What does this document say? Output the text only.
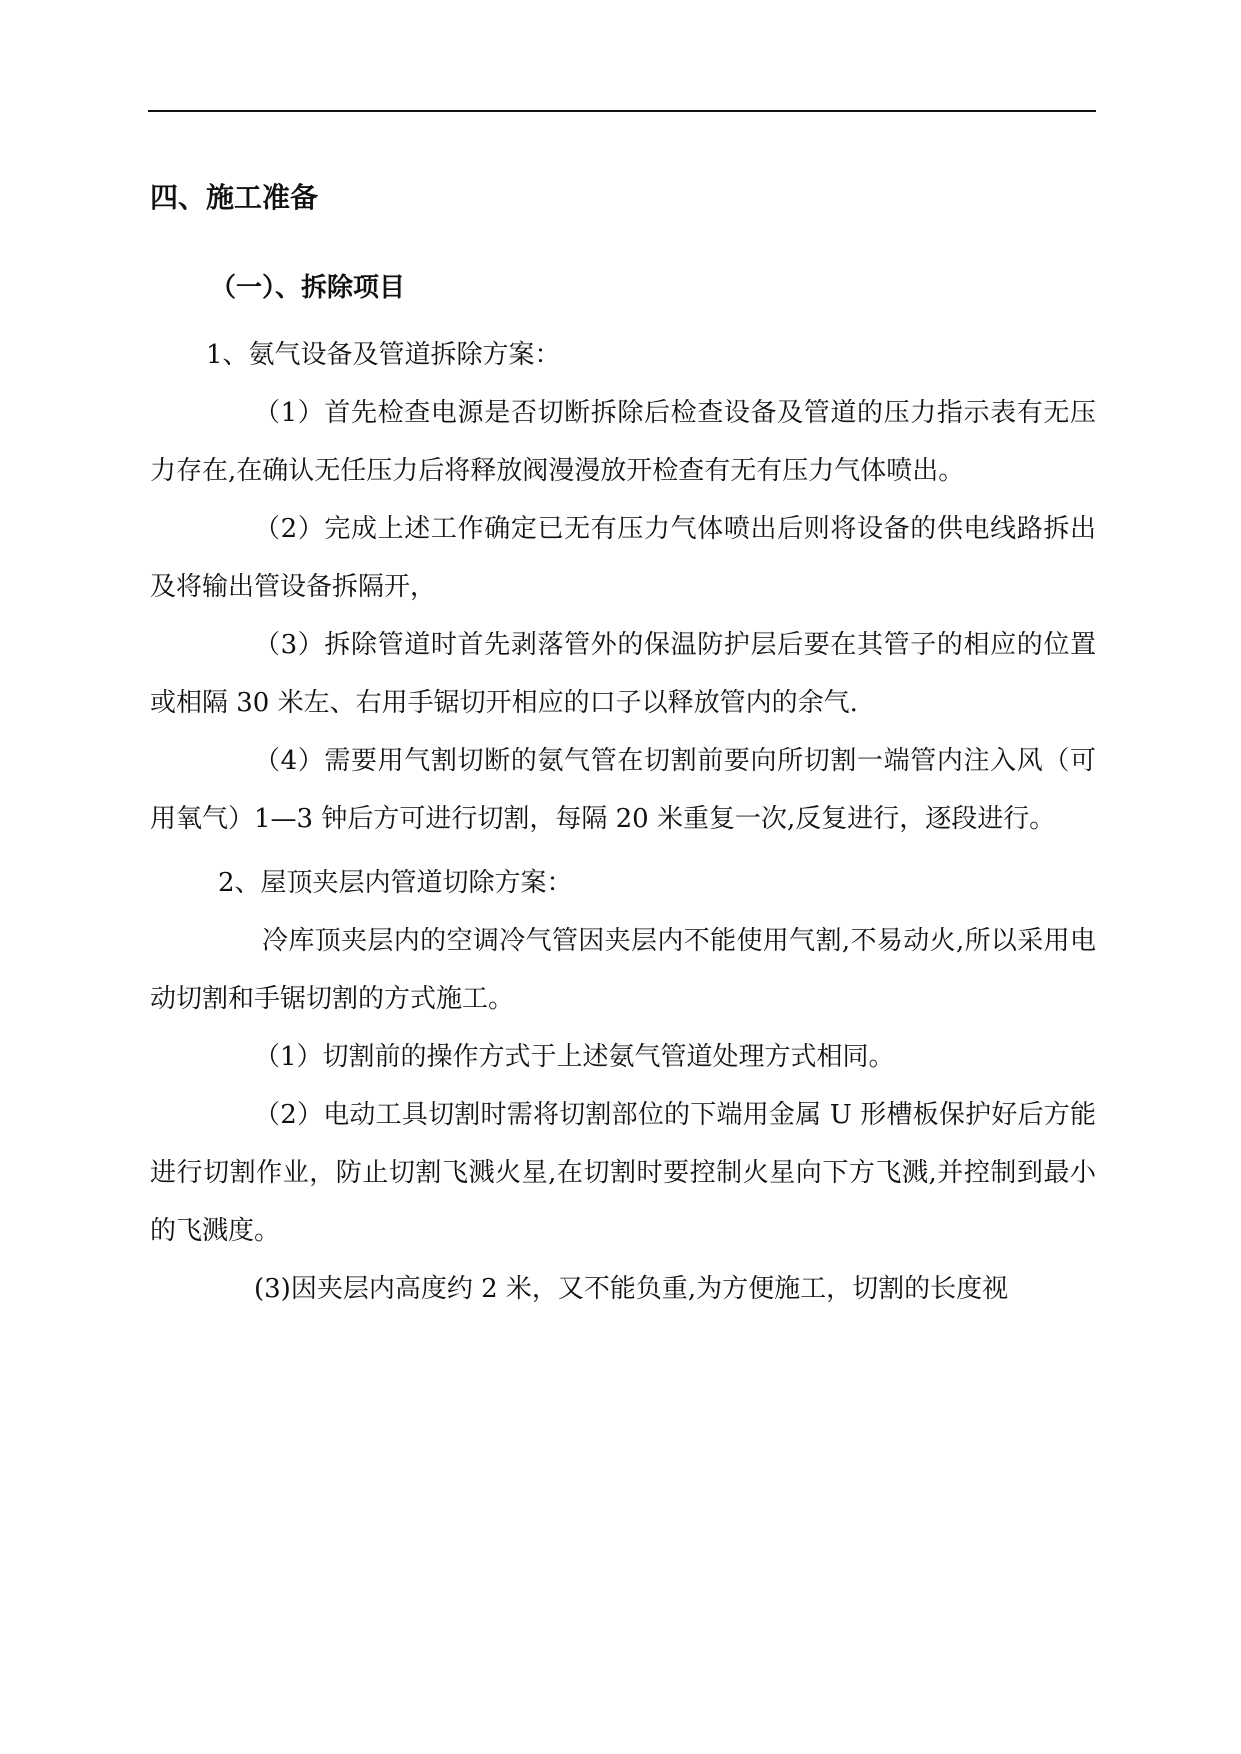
四、施工准备
（一）、拆除项目

1、氨气设备及管道拆除方案：

（1）首先检查电源是否切断拆除后检查设备及管道的压力指示表有无压力存在,在确认无任压力后将释放阀漫漫放开检查有无有压力气体喷出。

（2）完成上述工作确定已无有压力气体喷出后则将设备的供电线路拆出及将输出管设备拆隔开，

（3）拆除管道时首先剥落管外的保温防护层后要在其管子的相应的位置或相隔 30 米左、右用手锯切开相应的口子以释放管内的余气.

（4）需要用气割切断的氨气管在切割前要向所切割一端管内注入风（可用氧气）1—3 钟后方可进行切割，每隔 20 米重复一次,反复进行，逐段进行。

2、屋顶夹层内管道切除方案：

冷库顶夹层内的空调冷气管因夹层内不能使用气割,不易动火,所以采用电动切割和手锯切割的方式施工。

（1）切割前的操作方式于上述氨气管道处理方式相同。

（2）电动工具切割时需将切割部位的下端用金属 U 形槽板保护好后方能进行切割作业，防止切割飞溅火星,在切割时要控制火星向下方飞溅,并控制到最小的飞溅度。

(3)因夹层内高度约 2 米，又不能负重,为方便施工，切割的长度视
